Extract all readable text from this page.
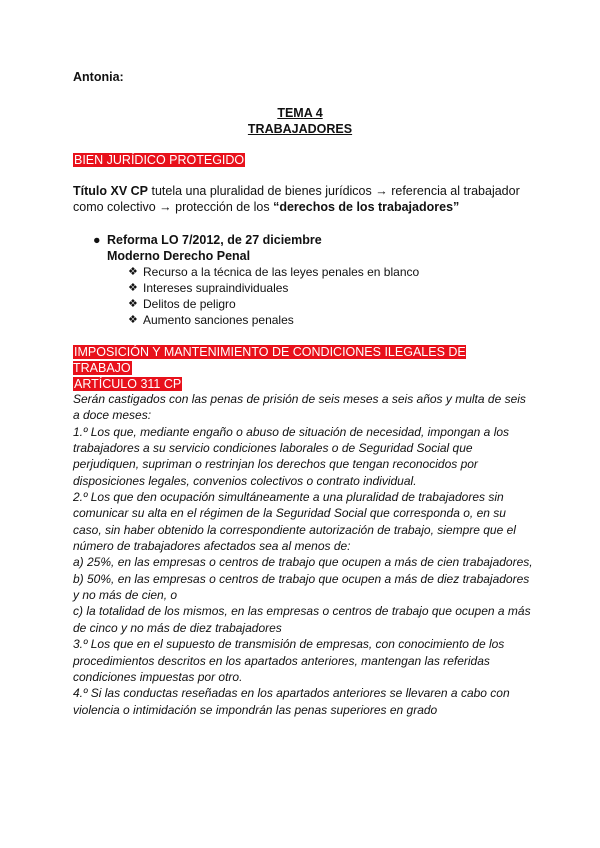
Antonia:
TEMA 4
TRABAJADORES
BIEN JURÍDICO PROTEGIDO
Título XV CP tutela una pluralidad de bienes jurídicos → referencia al trabajador como colectivo → protección de los “derechos de los trabajadores”
● Reforma LO 7/2012, de 27 diciembre
Moderno Derecho Penal
❖ Recurso a la técnica de las leyes penales en blanco
❖ Intereses supraindividuales
❖ Delitos de peligro
❖ Aumento sanciones penales
IMPOSICIÓN Y MANTENIMIENTO DE CONDICIONES ILEGALES DE TRABAJO
ARTÍCULO 311 CP

Serán castigados con las penas de prisión de seis meses a seis años y multa de seis a doce meses:

1.º Los que, mediante engaño o abuso de situación de necesidad, impongan a los trabajadores a su servicio condiciones laborales o de Seguridad Social que perjudiquen, supriman o restrinjan los derechos que tengan reconocidos por disposiciones legales, convenios colectivos o contrato individual.

2.º Los que den ocupación simultáneamente a una pluralidad de trabajadores sin comunicar su alta en el régimen de la Seguridad Social que corresponda o, en su caso, sin haber obtenido la correspondiente autorización de trabajo, siempre que el número de trabajadores afectados sea al menos de:

a) 25%, en las empresas o centros de trabajo que ocupen a más de cien trabajadores,

b) 50%, en las empresas o centros de trabajo que ocupen a más de diez trabajadores y no más de cien, o

c) la totalidad de los mismos, en las empresas o centros de trabajo que ocupen a más de cinco y no más de diez trabajadores

3.º Los que en el supuesto de transmisión de empresas, con conocimiento de los procedimientos descritos en los apartados anteriores, mantengan las referidas condiciones impuestas por otro.

4.º Si las conductas reseñadas en los apartados anteriores se llevaren a cabo con violencia o intimidación se impondrán las penas superiores en grado
